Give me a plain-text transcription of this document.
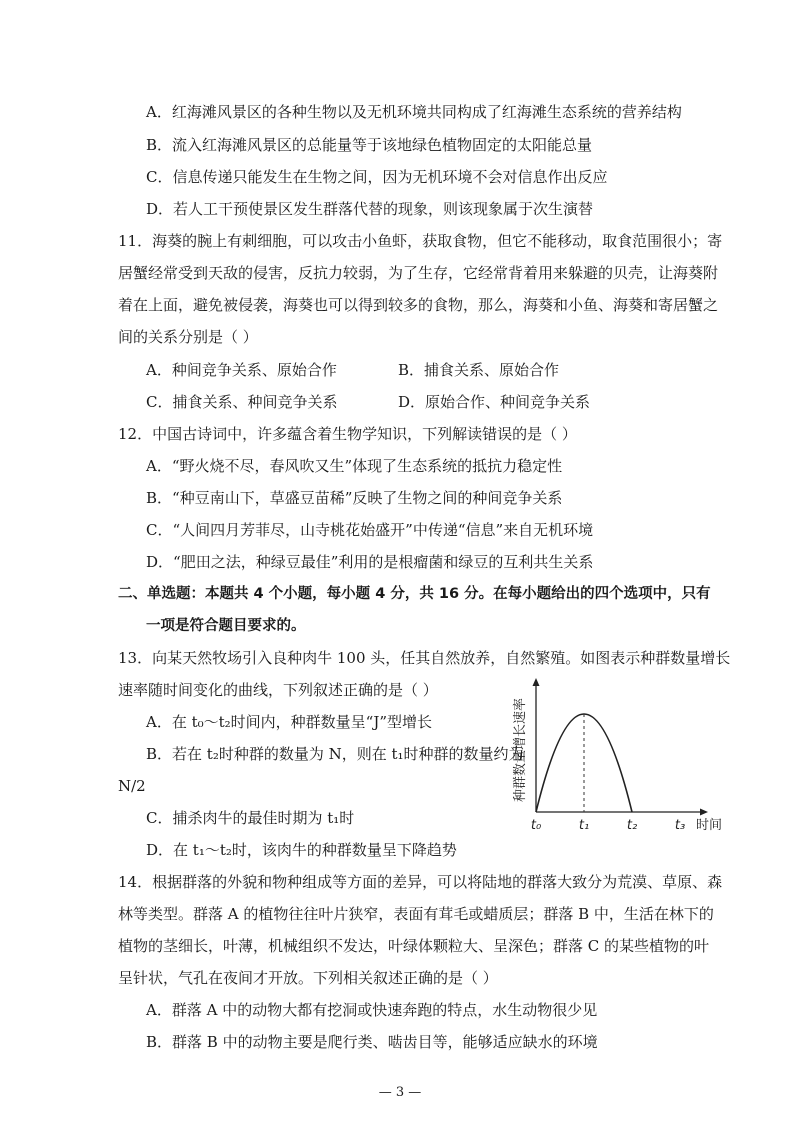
A．红海滩风景区的各种生物以及无机环境共同构成了红海滩生态系统的营养结构
B．流入红海滩风景区的总能量等于该地绿色植物固定的太阳能总量
C．信息传递只能发生在生物之间，因为无机环境不会对信息作出反应
D．若人工干预使景区发生群落代替的现象，则该现象属于次生演替
11．海葵的腕上有刺细胞，可以攻击小鱼虾，获取食物，但它不能移动，取食范围很小；寄
居蟹经常受到天敌的侵害，反抗力较弱，为了生存，它经常背着用来躲避的贝壳，让海葵附
着在上面，避免被侵袭，海葵也可以得到较多的食物，那么，海葵和小鱼、海葵和寄居蟹之
间的关系分别是（ ）
A．种间竞争关系、原始合作	B．捕食关系、原始合作
C．捕食关系、种间竞争关系	D．原始合作、种间竞争关系
12．中国古诗词中，许多蕴含着生物学知识，下列解读错误的是（ ）
A．“野火烧不尽，春风吹又生”体现了生态系统的抵抗力稳定性
B．“种豆南山下，草盛豆苗稀”反映了生物之间的种间竞争关系
C．“人间四月芳菲尽，山寺桃花始盛开”中传递“信息”来自无机环境
D．“肥田之法，种绿豆最佳”利用的是根瘤菌和绿豆的互利共生关系
二、单选题：本题共 4 个小题，每小题 4 分，共 16 分。在每小题给出的四个选项中，只有
一项是符合题目要求的。
13．向某天然牧场引入良种肉牛 100 头，任其自然放养，自然繁殖。如图表示种群数量增长
速率随时间变化的曲线，下列叙述正确的是（ ）
A．在 t₀～t₂时间内，种群数量呈“J”型增长
B．若在 t₂时种群的数量为 N，则在 t₁时种群的数量约为
N/2
C．捕杀肉牛的最佳时期为 t₁时
D．在 t₁～t₂时，该肉牛的种群数量呈下降趋势
t₀	t₁	t₂	t₃ 时间
种群数量增长速率
14．根据群落的外貌和物种组成等方面的差异，可以将陆地的群落大致分为荒漠、草原、森
林等类型。群落 A 的植物往往叶片狭窄，表面有茸毛或蜡质层；群落 B 中，生活在林下的
植物的茎细长，叶薄，机械组织不发达，叶绿体颗粒大、呈深色；群落 C 的某些植物的叶
呈针状，气孔在夜间才开放。下列相关叙述正确的是（ ）
A．群落 A 中的动物大都有挖洞或快速奔跑的特点，水生动物很少见
B．群落 B 中的动物主要是爬行类、啮齿目等，能够适应缺水的环境
— 3 —
